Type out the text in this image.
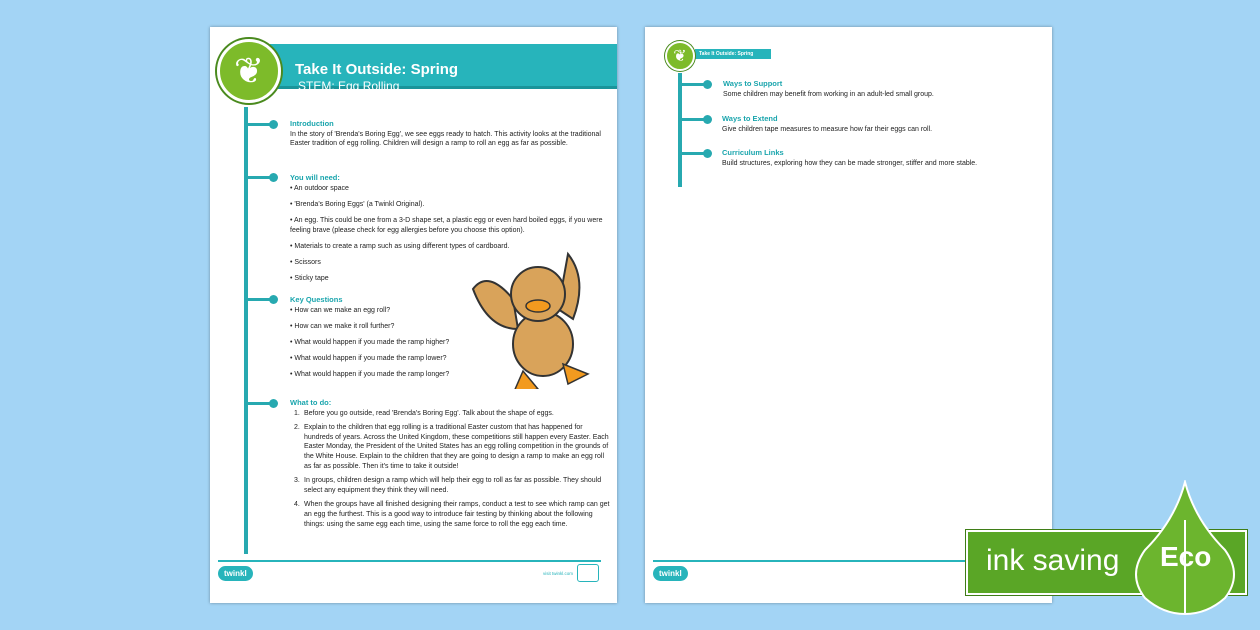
❦	Take It Outside: Spring
STEM: Egg Rolling
Introduction

In the story of 'Brenda's Boring Egg', we see eggs ready to hatch. This activity looks at the traditional Easter tradition of egg rolling. Children will design a ramp to roll an egg as far as possible.

You will need:
• An outdoor space
• 'Brenda's Boring Eggs' (a Twinkl Original).
• An egg. This could be one from a 3-D shape set, a plastic egg or even hard boiled eggs, if you were feeling brave (please check for egg allergies before you choose this option).
• Materials to create a ramp such as using different types of cardboard.
• Scissors
• Sticky tape
Key Questions
• How can we make an egg roll?
• How can we make it roll further?
• What would happen if you made the ramp higher?
• What would happen if you made the ramp lower?
• What would happen if you made the ramp longer?
What to do:
1. Before you go outside, read 'Brenda's Boring Egg'. Talk about the shape of eggs.
2. Explain to the children that egg rolling is a traditional Easter custom that has happened for hundreds of years. Across the United Kingdom, these competitions still happen every Easter. Each Easter Monday, the President of the United States has an egg rolling competition in the grounds of the White House. Explain to the children that they are going to design a ramp to make an egg roll as far as possible. Then it's time to take it outside!
3. In groups, children design a ramp which will help their egg to roll as far as possible. They should select any equipment they think they will need.
4. When the groups have all finished designing their ramps, conduct a test to see which ramp can get an egg the furthest. This is a good way to introduce fair testing by thinking about the following things: using the same egg each time, using the same force to roll the egg each time.
twinkl	visit twinkl.com
Take It Outside: Spring
❦
Ways to Support

Some children may benefit from working in an adult-led small group.

Ways to Extend

Give children tape measures to measure how far their eggs can roll.

Curriculum Links

Build structures, exploring how they can be made stronger, stiffer and more stable.

twinkl	ink saving Eco
